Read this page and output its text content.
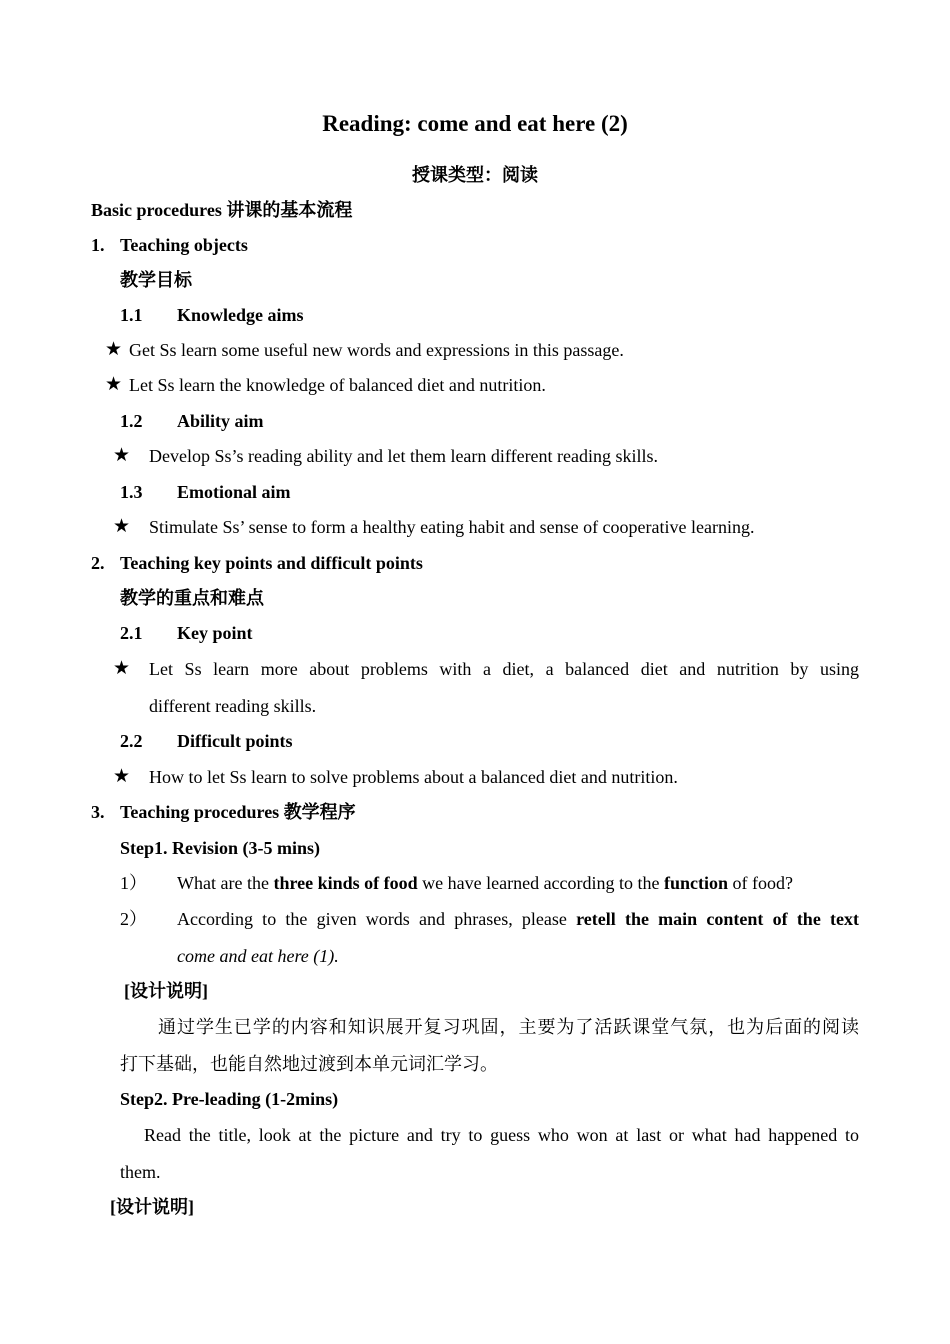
Reading: come and eat here (2)
授课类型：阅读
Basic procedures 讲课的基本流程
1. Teaching objects
教学目标
1.1 Knowledge aims
★ Get Ss learn some useful new words and expressions in this passage.
★ Let Ss learn the knowledge of balanced diet and nutrition.
1.2 Ability aim
★ Develop Ss’s reading ability and let them learn different reading skills.
1.3 Emotional aim
★ Stimulate Ss’ sense to form a healthy eating habit and sense of cooperative learning.
2. Teaching key points and difficult points
教学的重点和难点
2.1 Key point
★ Let Ss learn more about problems with a diet, a balanced diet and nutrition by using
different reading skills.
2.2 Difficult points
★ How to let Ss learn to solve problems about a balanced diet and nutrition.
3. Teaching procedures 教学程序
Step1. Revision (3-5 mins)
1） What are the three kinds of food we have learned according to the function of food?
2） According to the given words and phrases, please retell the main content of the text
come and eat here (1).
[设计说明]
通过学生已学的内容和知识展开复习巩固，主要为了活跃课堂气氛，也为后面的阅读
打下基础，也能自然地过渡到本单元词汇学习。
Step2. Pre-leading (1-2mins)
Read the title, look at the picture and try to guess who won at last or what had happened to
them.
[设计说明]
